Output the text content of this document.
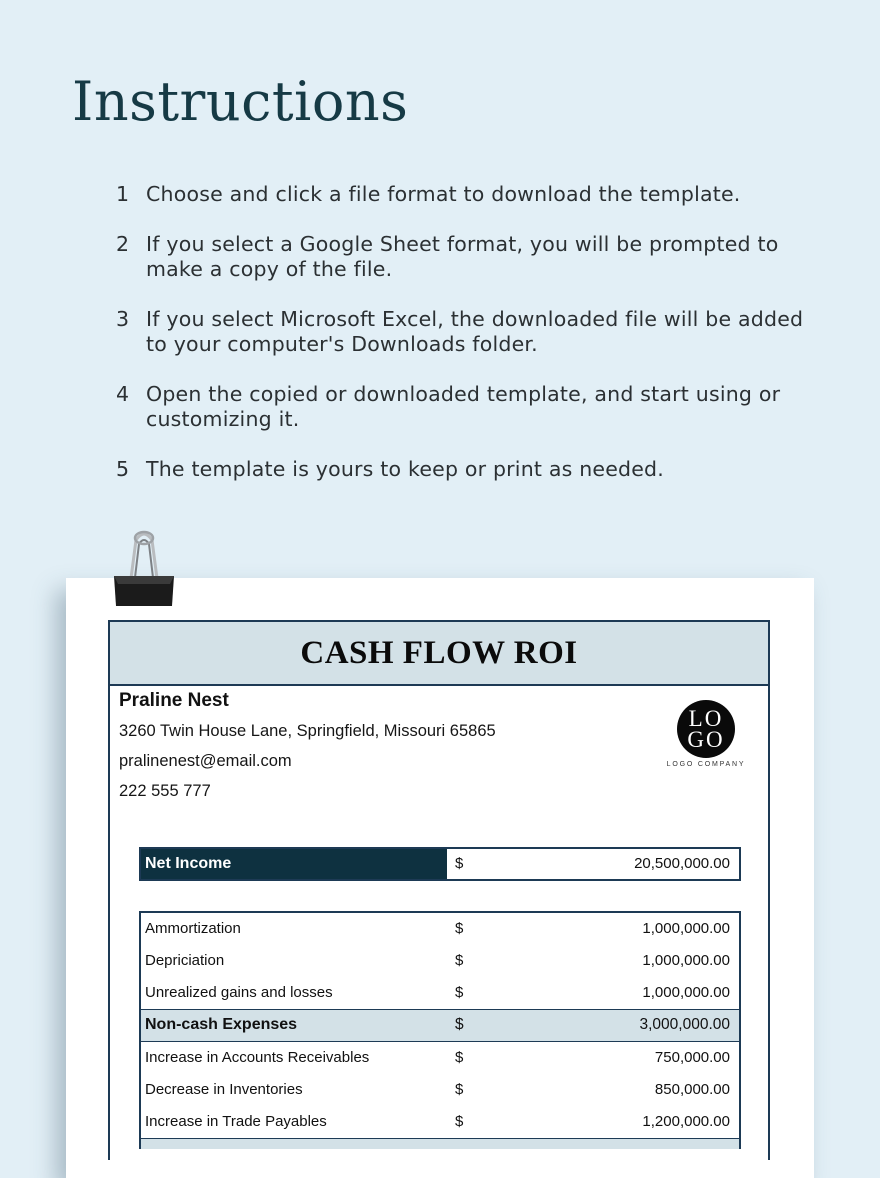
Instructions
1 Choose and click a file format to download the template.
2 If you select a Google Sheet format, you will be prompted to make a copy of the file.
3 If you select Microsoft Excel, the downloaded file will be added to your computer's Downloads folder.
4 Open the copied or downloaded template, and start using or customizing it.
5 The template is yours to keep or print as needed.
CASH FLOW ROI
Praline Nest
3260 Twin House Lane, Springfield, Missouri 65865
pralinenest@email.com
222 555 777
LO
GO
LOGO COMPANY
Net Income	$	20,500,000.00
Ammortization	$	1,000,000.00
Depriciation	$	1,000,000.00
Unrealized gains and losses	$	1,000,000.00
Non-cash Expenses	$	3,000,000.00
Increase in Accounts Receivables	$	750,000.00
Decrease in Inventories	$	850,000.00
Increase in Trade Payables	$	1,200,000.00
